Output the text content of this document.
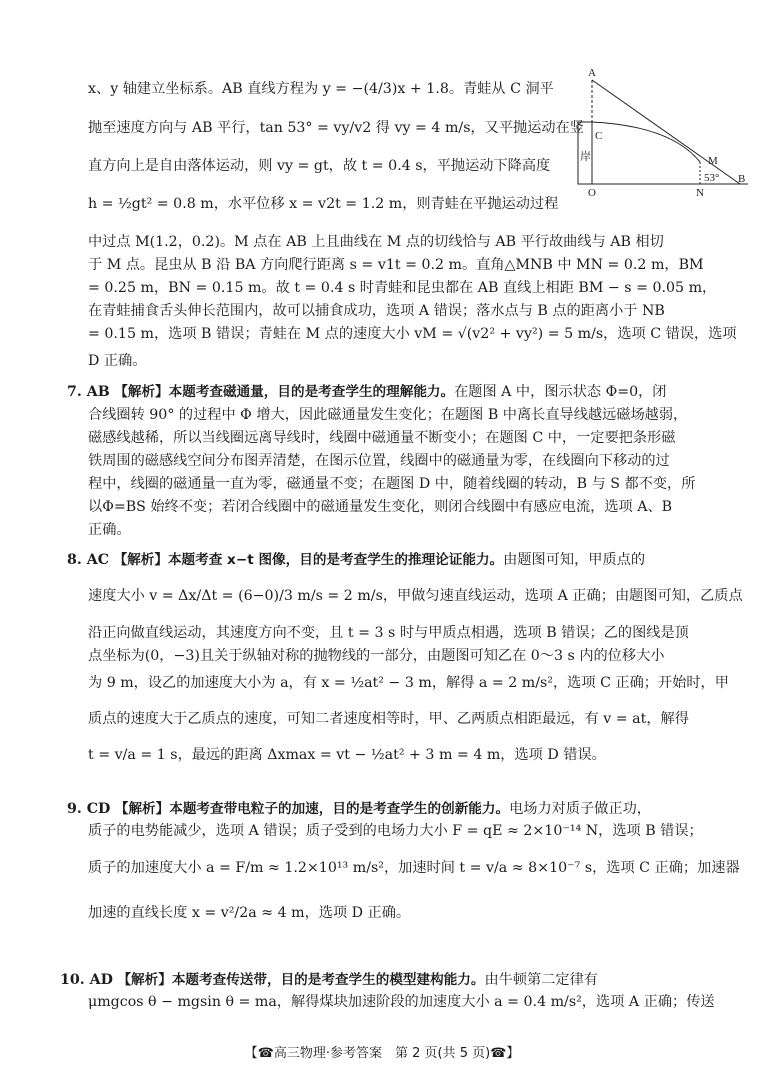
x、y 轴建立坐标系。AB 直线方程为 y = −(4/3)x + 1.8。青蛙从 C 洞平
抛至速度方向与 AB 平行，tan 53° = vy/v2 得 vy = 4 m/s，又平抛运动在竖
直方向上是自由落体运动，则 vy = gt，故 t = 0.4 s，平抛运动下降高度
h = ½gt² = 0.8 m，水平位移 x = v2t = 1.2 m，则青蛙在平抛运动过程
中过点 M(1.2，0.2)。M 点在 AB 上且曲线在 M 点的切线恰与 AB 平行故曲线与 AB 相切
于 M 点。昆虫从 B 沿 BA 方向爬行距离 s = v1t = 0.2 m。直角△MNB 中 MN = 0.2 m，BM
= 0.25 m，BN = 0.15 m。故 t = 0.4 s 时青蛙和昆虫都在 AB 直线上相距 BM − s = 0.05 m，
在青蛙捕食舌头伸长范围内，故可以捕食成功，选项 A 错误；落水点与 B 点的距离小于 NB
= 0.15 m，选项 B 错误；青蛙在 M 点的速度大小 vM = √(v2² + vy²) = 5 m/s，选项 C 错误，选项
D 正确。
A
C
岸
O	N
M
B
53°
7. AB 【解析】本题考查磁通量，目的是考查学生的理解能力。在题图 A 中，图示状态 Φ=0，闭
合线圈转 90° 的过程中 Φ 增大，因此磁通量发生变化；在题图 B 中离长直导线越远磁场越弱，
磁感线越稀，所以当线圈远离导线时，线圈中磁通量不断变小；在题图 C 中，一定要把条形磁
铁周围的磁感线空间分布图弄清楚，在图示位置，线圈中的磁通量为零，在线圈向下移动的过
程中，线圈的磁通量一直为零，磁通量不变；在题图 D 中，随着线圈的转动，B 与 S 都不变，所
以Φ=BS 始终不变；若闭合线圈中的磁通量发生变化，则闭合线圈中有感应电流，选项 A、B
正确。
8. AC 【解析】本题考查 x−t 图像，目的是考查学生的推理论证能力。由题图可知，甲质点的
速度大小 v = Δx/Δt = (6−0)/3 m/s = 2 m/s，甲做匀速直线运动，选项 A 正确；由题图可知，乙质点
沿正向做直线运动，其速度方向不变，且 t = 3 s 时与甲质点相遇，选项 B 错误；乙的图线是顶
点坐标为(0，−3)且关于纵轴对称的抛物线的一部分，由题图可知乙在 0～3 s 内的位移大小
为 9 m，设乙的加速度大小为 a，有 x = ½at² − 3 m，解得 a = 2 m/s²，选项 C 正确；开始时，甲
质点的速度大于乙质点的速度，可知二者速度相等时，甲、乙两质点相距最远，有 v = at，解得
t = v/a = 1 s，最远的距离 Δxmax = vt − ½at² + 3 m = 4 m，选项 D 错误。
9. CD 【解析】本题考查带电粒子的加速，目的是考查学生的创新能力。电场力对质子做正功，
质子的电势能减少，选项 A 错误；质子受到的电场力大小 F = qE ≈ 2×10⁻¹⁴ N，选项 B 错误；
质子的加速度大小 a = F/m ≈ 1.2×10¹³ m/s²，加速时间 t = v/a ≈ 8×10⁻⁷ s，选项 C 正确；加速器
加速的直线长度 x = v²/2a ≈ 4 m，选项 D 正确。
10. AD 【解析】本题考查传送带，目的是考查学生的模型建构能力。由牛顿第二定律有
μmgcos θ − mgsin θ = ma，解得煤块加速阶段的加速度大小 a = 0.4 m/s²，选项 A 正确；传送
【☎高三物理·参考答案　第 2 页(共 5 页)☎】
